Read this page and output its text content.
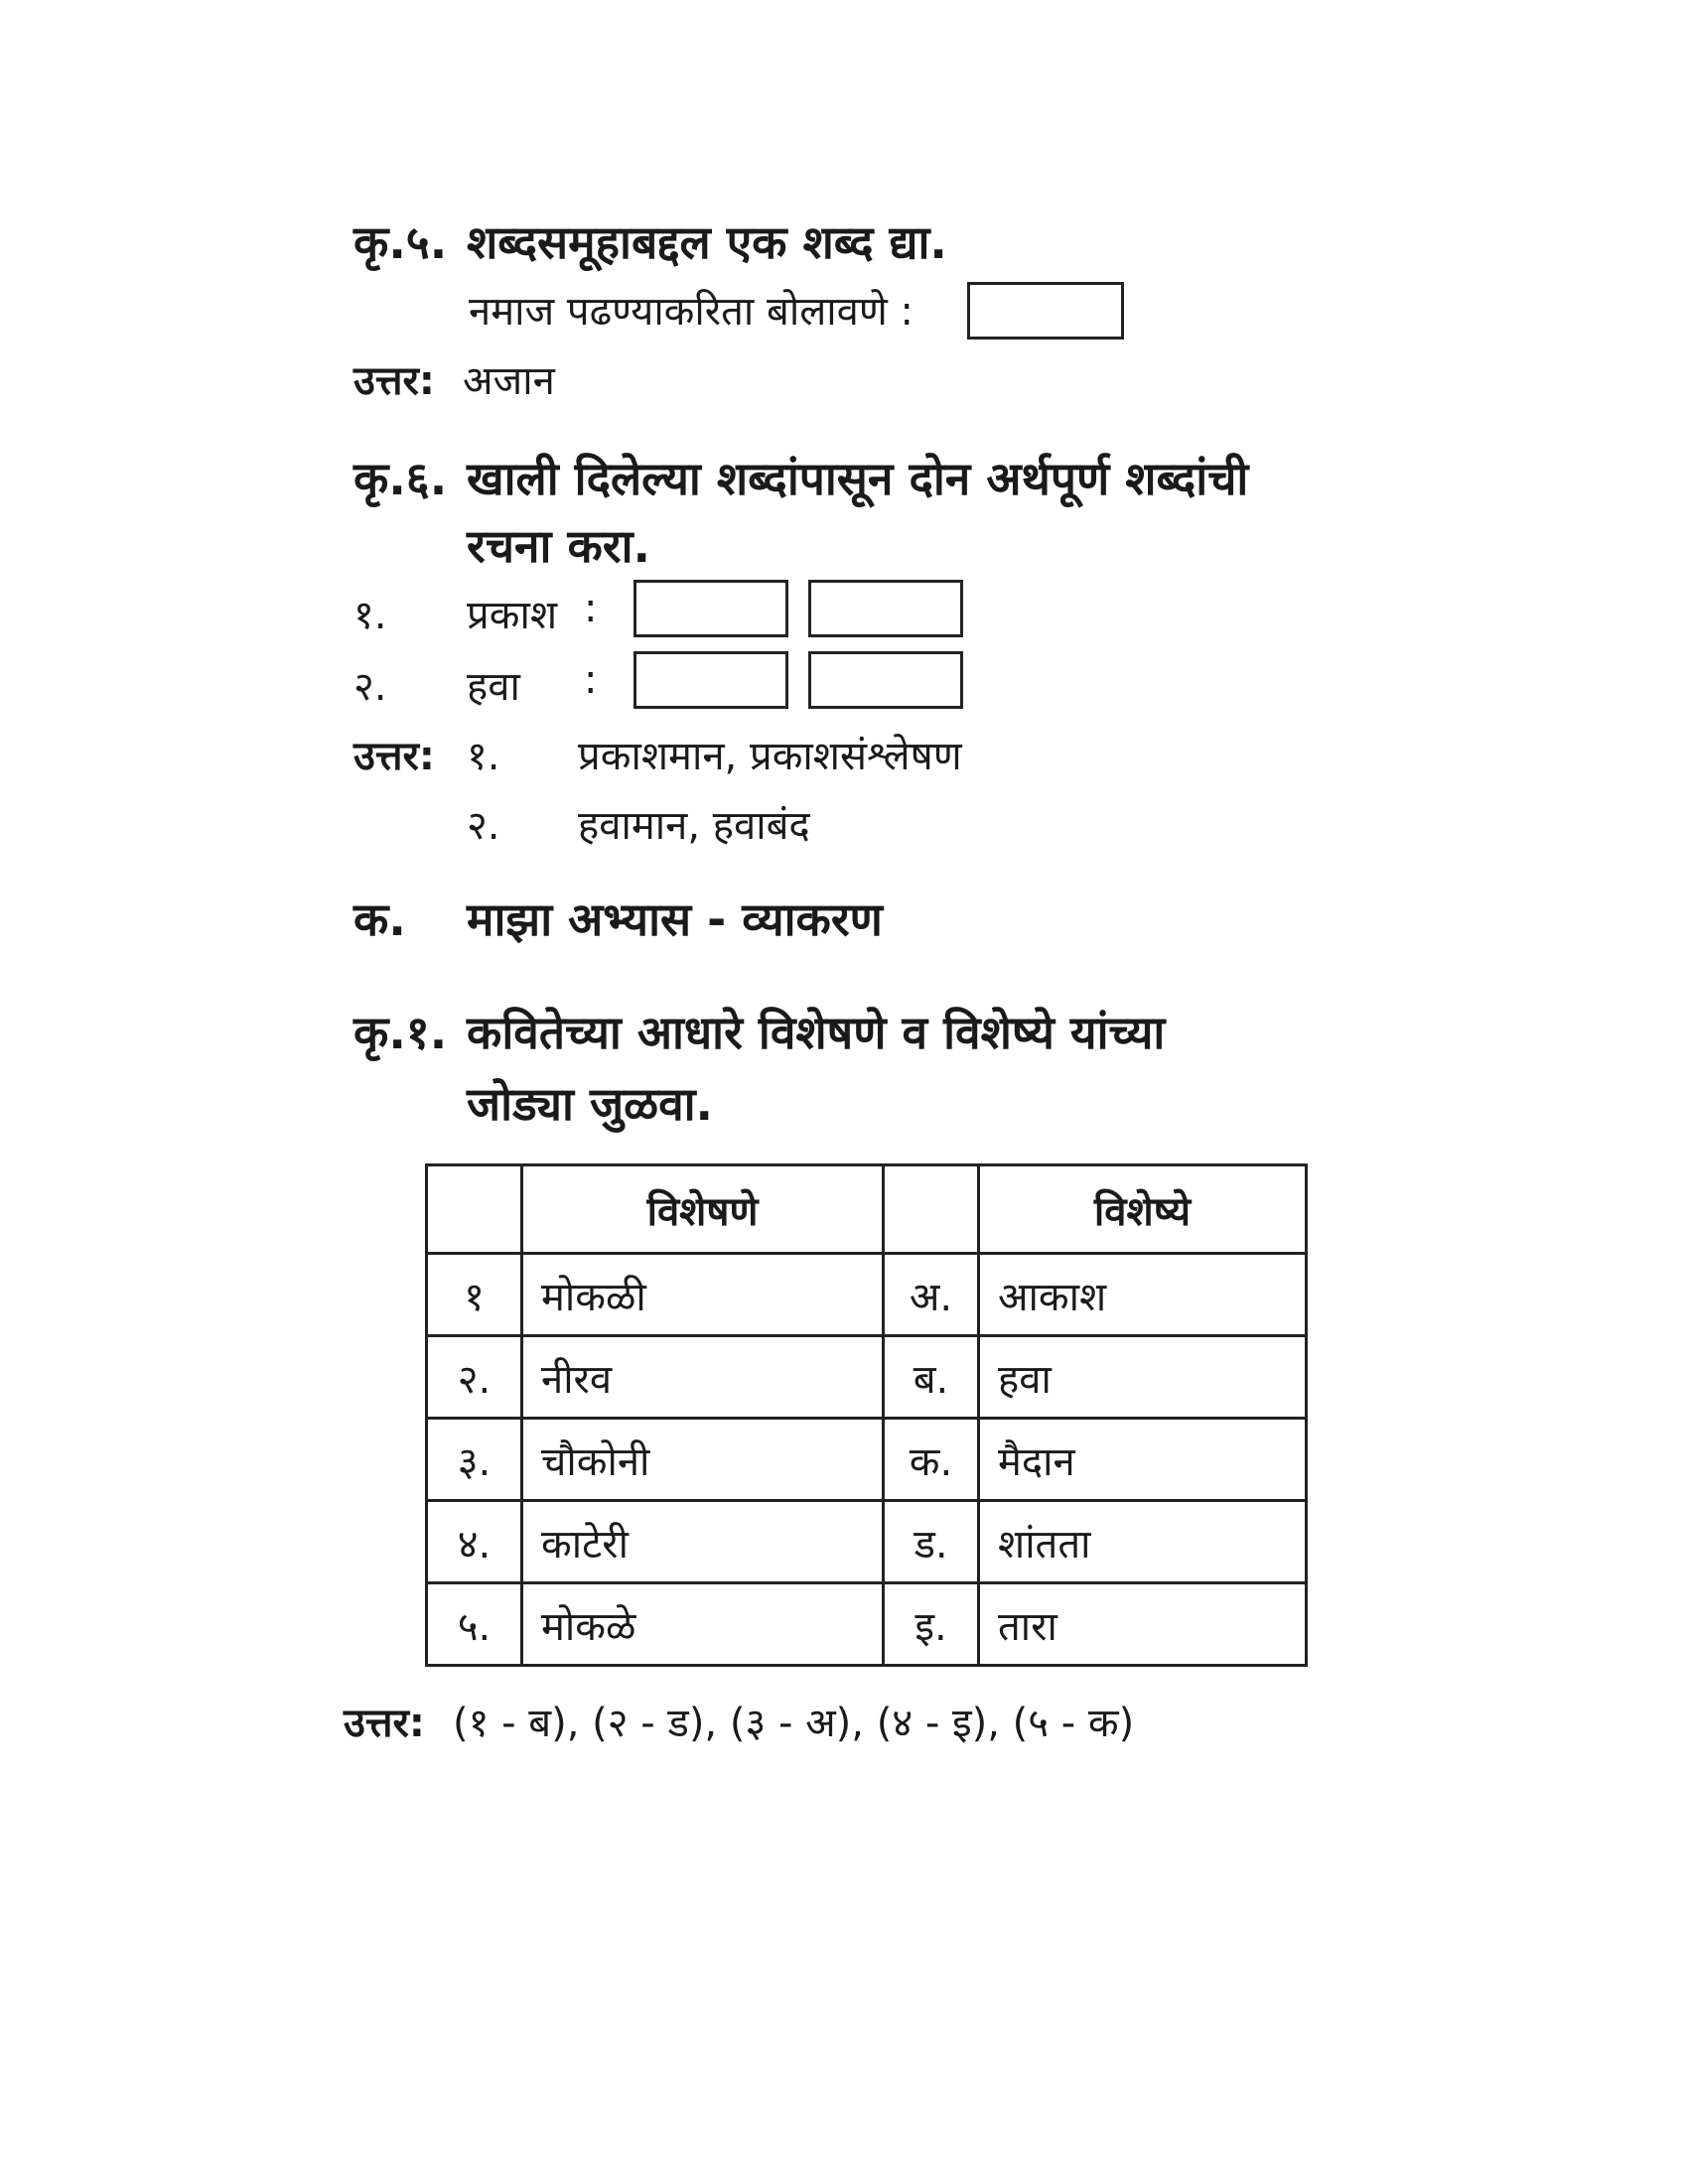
कृ.५. शब्दसमूहाबद्दल एक शब्द द्या.
नमाज पढण्याकरिता बोलावणे :
उत्तर: अजान
कृ.६. खाली दिलेल्या शब्दांपासून दोन अर्थपूर्ण शब्दांची
रचना करा.
१. प्रकाश :
२. हवा :
उत्तर: १. प्रकाशमान, प्रकाशसंश्लेषण
२. हवामान, हवाबंद
क. माझा अभ्यास - व्याकरण
कृ.१. कवितेच्या आधारे विशेषणे व विशेष्ये यांच्या
जोड्या जुळवा.
	विशेषणे		विशेष्ये
१	मोकळी	अ.	आकाश
२.	नीरव	ब.	हवा
३.	चौकोनी	क.	मैदान
४.	काटेरी	ड.	शांतता
५.	मोकळे	इ.	तारा
उत्तर: (१ - ब), (२ - ड), (३ - अ), (४ - इ), (५ - क)
